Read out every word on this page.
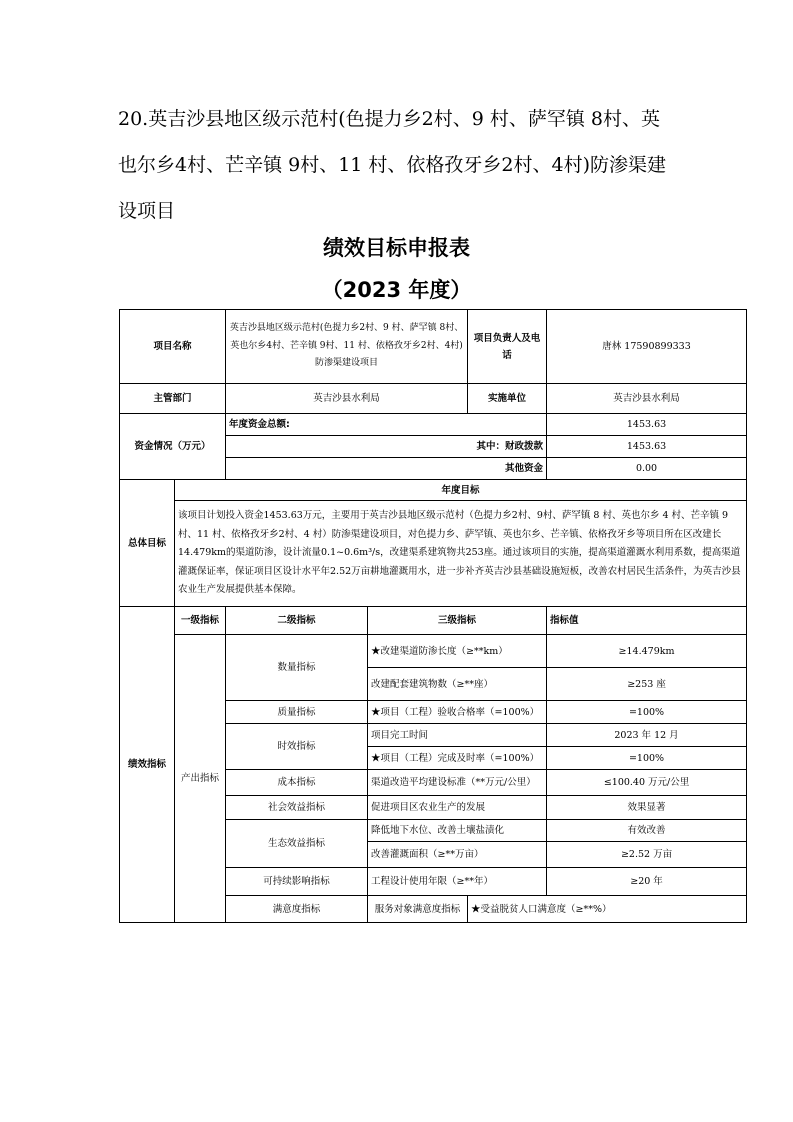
20.英吉沙县地区级示范村(色提力乡2村、9 村、萨罕镇 8村、英也尔乡4村、芒辛镇 9村、11 村、依格孜牙乡2村、4村)防渗渠建设项目
绩效目标申报表
（2023 年度）
项目名称		英吉沙县地区级示范村(色提力乡2村、9 村、萨罕镇 8村、英也尔乡4村、芒辛镇 9村、11 村、依格孜牙乡2村、4村)防渗渠建设项目		项目负责人及电话	唐林 17590899333	
主管部门		英吉沙县水利局		实施单位	英吉沙县水利局	
资金情况（万元）		年度资金总额:			1453.63	
		其中：财政拨款			1453.63	
		其他资金			0.00	
总体目标	年度目标					
	该项目计划投入资金1453.63万元，主要用于英吉沙县地区级示范村（色提力乡2村、9村、萨罕镇 8 村、英也尔乡 4 村、芒辛镇 9村、11 村、依格孜牙乡2村、4 村）防渗渠建设项目，对色提力乡、萨罕镇、英也尔乡、芒辛镇、依格孜牙乡等项目所在区改建长14.479km的渠道防渗，设计流量0.1~0.6m³/s，改建渠系建筑物共253座。通过该项目的实施，提高渠道灌溉水利用系数，提高渠道灌溉保证率，保证项目区设计水平年2.52万亩耕地灌溉用水，进一步补齐英吉沙县基础设施短板，改善农村居民生活条件，为英吉沙县农业生产发展提供基本保障。					
绩效指标	一级指标	二级指标	三级指标		指标值	
	产出指标	数量指标	★改建渠道防渗长度（≥**km）		≥14.479km	
			改建配套建筑物数（≥**座）		≥253 座	
		质量指标	★项目（工程）验收合格率（=100%）		=100%	
		时效指标	项目完工时间		2023 年 12 月	
			★项目（工程）完成及时率（=100%）		=100%	
		成本指标	渠道改造平均建设标准（**万元/公里）		≤100.40 万元/公里	
		社会效益指标	促进项目区农业生产的发展		效果显著	
		生态效益指标	降低地下水位、改善土壤盐渍化		有效改善	
			改善灌溉面积（≥**万亩）		≥2.52 万亩	
		可持续影响指标	工程设计使用年限（≥**年）		≥20 年	
		满意度指标	服务对象满意度指标	★受益脱贫人口满意度（≥**%）	
